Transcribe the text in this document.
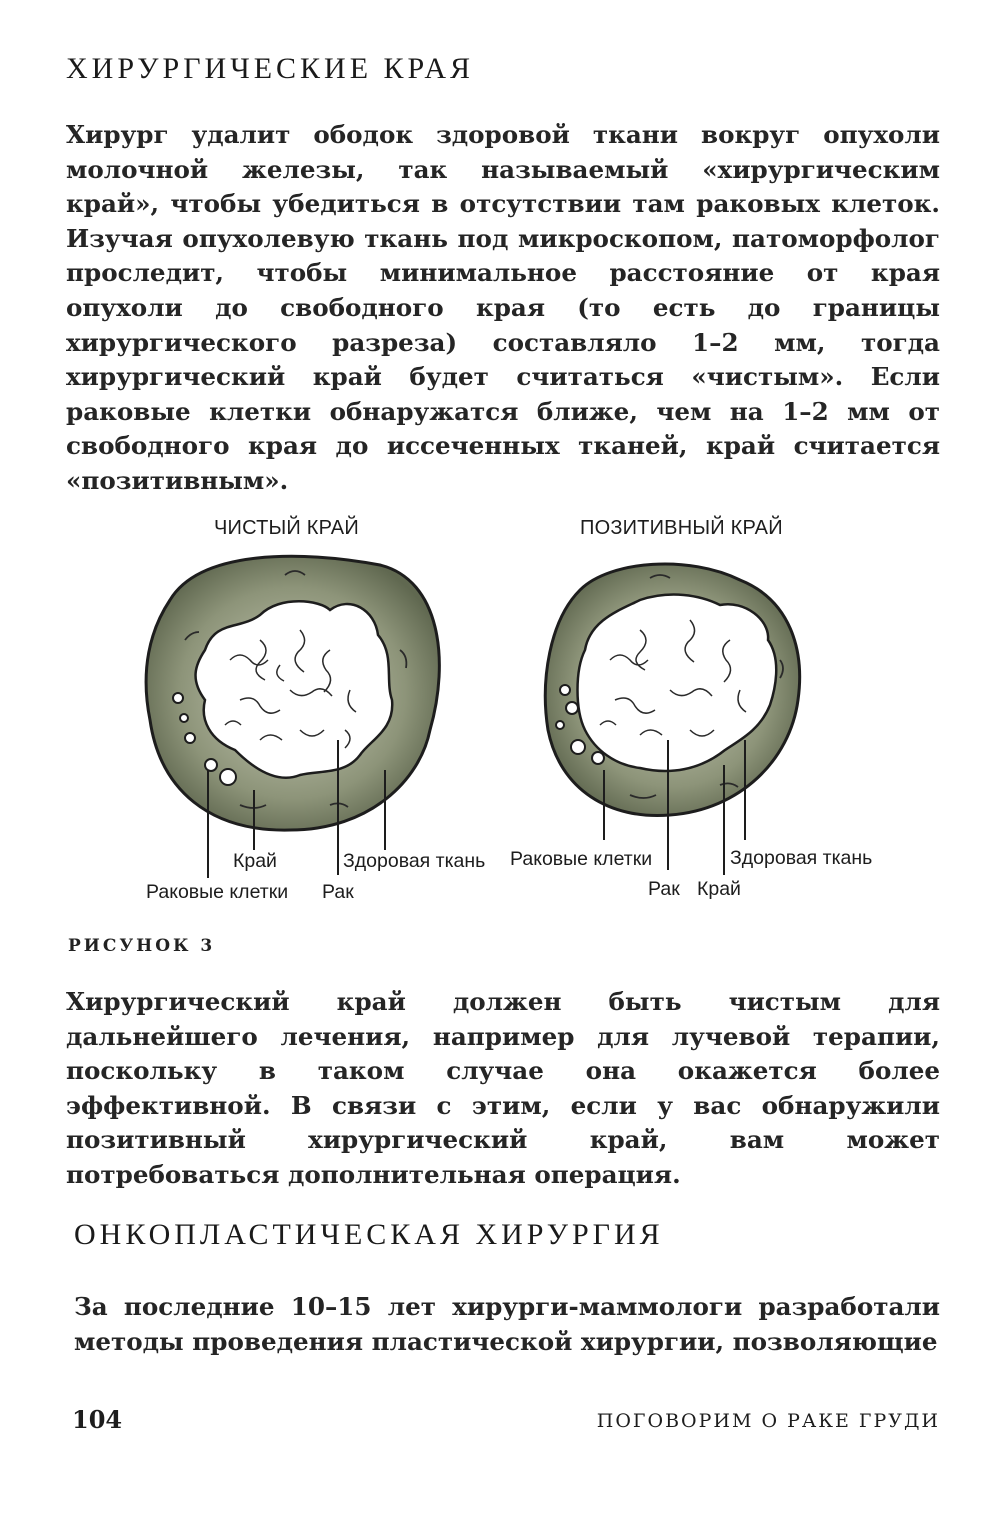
ХИРУРГИЧЕСКИЕ КРАЯ

Хирург удалит ободок здоровой ткани вокруг опухоли молочной железы, так называемый «хирургическим край», чтобы убедиться в отсутствии там раковых клеток. Изучая опухолевую ткань под микроскопом, патоморфолог проследит, чтобы минимальное расстояние от края опухоли до свободного края (то есть до границы хирургического разреза) составляло 1–2 мм, тогда хирургический край будет считаться «чистым». Если раковые клетки обнаружатся ближе, чем на 1–2 мм от свободного края до иссеченных тканей, край считается «позитивным».

ЧИСТЫЙ КРАЙ	ПОЗИТИВНЫЙ КРАЙ
Край	Здоровая ткань
Раковые клетки Рак
Раковые клетки	Здоровая ткань
Рак Край
РИСУНОК 3

Хирургический край должен быть чистым для дальнейшего лечения, например для лучевой терапии, поскольку в таком случае она окажется более эффективной. В связи с этим, если у вас обнаружили позитивный хирургический край, вам может потребоваться дополнительная операция.

ОНКОПЛАСТИЧЕСКАЯ ХИРУРГИЯ

За последние 10–15 лет хирурги-маммологи разработали методы проведения пластической хирургии, позволяющие

104	ПОГОВОРИМ О РАКЕ ГРУДИ
